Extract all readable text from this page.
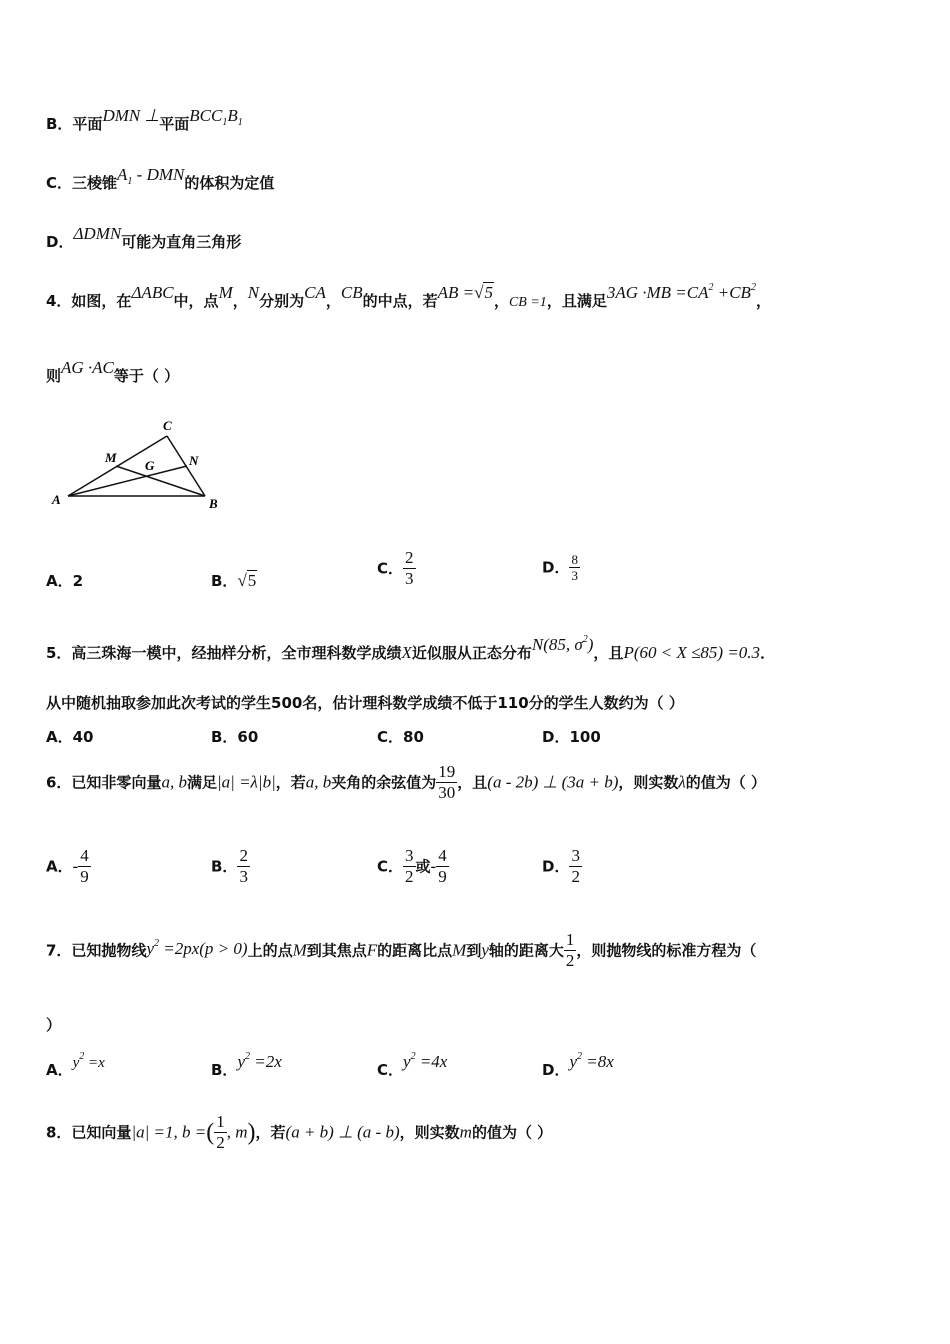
B．平面DMN ⊥平面$BCC_1B_1$
C．三棱锥$A_1$ - DMN的体积为定值
D．ΔDMN可能为直角三角形
4．如图，在ΔABC中，点M，N分别为CA，CB的中点，若AB =√5，CB =1，且满足$3AG \cdot MB =CA^2 +CB^2$，
则AG ·AC等于（ ）
A	B
C
M	N
G
A．2	B．√5
C． $\frac{2}{3}$	D． $\frac{8}{3}$
5．高三珠海一模中，经抽样分析，全市理科数学成绩X近似服从正态分布N(85, $\sigma^2$)，且P(60 < X ≤85) =0.3．
从中随机抽取参加此次考试的学生500名，估计理科数学成绩不低于110分的学生人数约为（ ）
A．40	B．60	C．80	D．100
6．已知非零向量a, b满足|a| =λ|b|，若a, b夹角的余弦值为 $\frac{19}{30}$ ，且(a - 2b) ⊥ (3a + b)，则实数λ的值为（ ）
A．- $\frac{4}{9}$	B． $\frac{2}{3}$	C． $\frac{3}{2}$ 或- $\frac{4}{9}$	D． $\frac{3}{2}$
7．已知抛物线$y^2 =2px(p > 0)$上的点M到其焦点F的距离比点M到y轴的距离大 $\frac{1}{2}$ ，则抛物线的标准方程为（
）
A．$y^2 =x$	B．$y^2 =2x$	C．$y^2 =4x$	D．$y^2 =8x$
8．已知向量|a| =1, b =( $\frac{1}{2}$ , m)，若(a + b) ⊥ (a - b)，则实数m的值为（ ）
